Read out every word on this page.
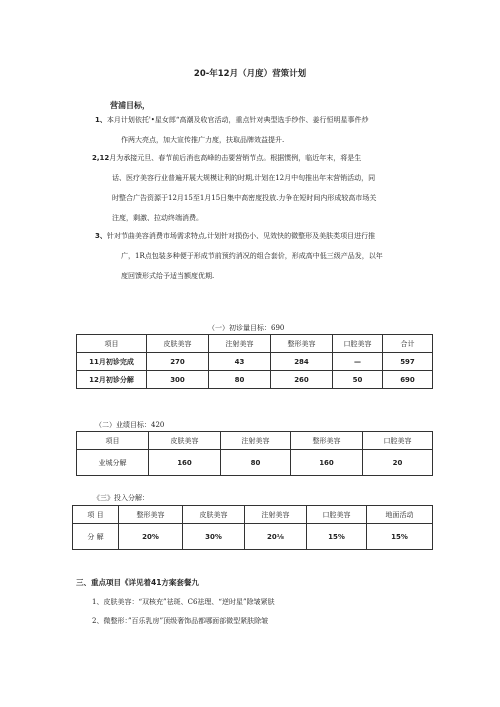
20-年12月（月度）营策计划
营浦目标，
1、本月计划依托'•星女郎“高潮及收官活动，重点针对典型选手纱作、姜行恒明星事件炒
作两大亮点，加大宣传推广力度，扶取品牌效益提升.
2,12月为承接元旦、春节前后消也高峰的击要营销节点。根据惯例，临近年末，将是生
话、医疗美容行业普遍开展大规模让利的时期,计划在12月中旬推出年末营销活动，同
时整合广告资源于12月15至1月15日集中高密度投放.力争在短时间内形成较高市场关
注度，剩激、拉动终端消费。
3、针对节曲美容消费市场需求特点,计划针对损伤小、见效快的微整形及美肤类项目进行推
广，1R点包装多种便于形成节前预约消况的组合套价，形成高中低三级产品发，以年
度回馈形式给予适当额度优期.
（一）初诊量目标：690
项目	皮肤美容	注射美容	整形美容	口腔美容	合计
11月初诊完成	270	43	284	—	597
12月初诊分解	300	80	260	50	690
（二）业绩目标：420
项目	皮肤美容	注射美容	整形美容	口腔美容
业城分解	160	80	160	20
《三》投入分解：
项 目	整形美容	皮肤美容	注射美容	口腔美容	地面活动
分 解	20%	30%	20⅛	15%	15%
三、重点项目《详见着41方案套餐九
1、皮肤美容：“双核充”祛斑、C6祛理、“逆时星”除皱紧肤
2、微整形：”百乐乳房”顶级奢饰品都哪面部微型紧肤除皱
